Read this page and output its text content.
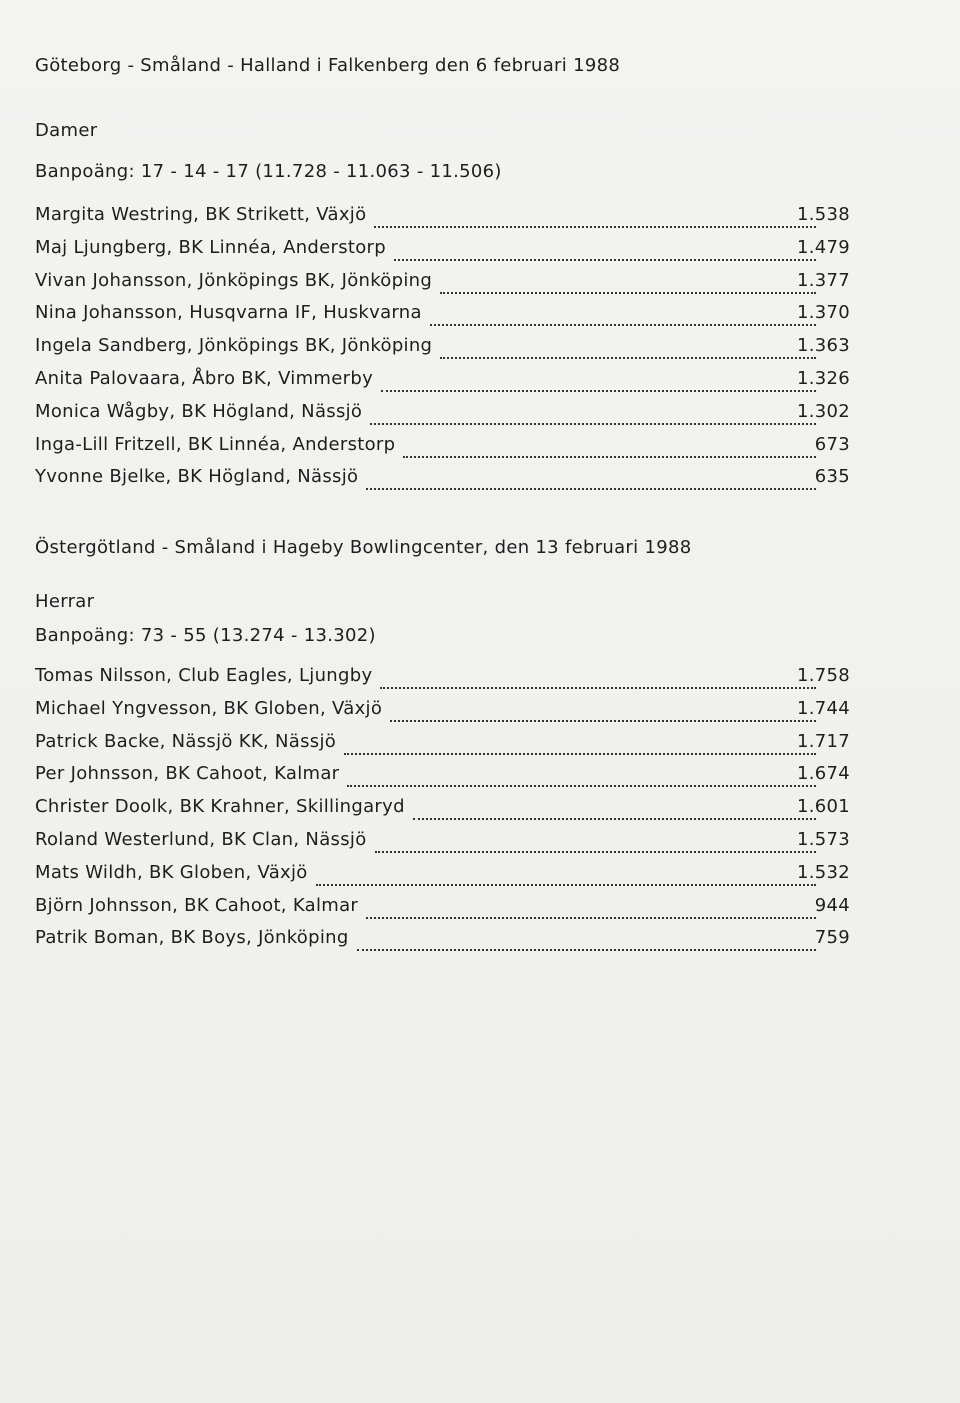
Göteborg - Småland - Halland i Falkenberg den 6 februari 1988
Damer
Banpoäng: 17 - 14 - 17 (11.728 - 11.063 - 11.506)
Margita Westring, BK Strikett, Växjö	1.538
Maj Ljungberg, BK Linnéa, Anderstorp	1.479
Vivan Johansson, Jönköpings BK, Jönköping	1.377
Nina Johansson, Husqvarna IF, Huskvarna	1.370
Ingela Sandberg, Jönköpings BK, Jönköping	1.363
Anita Palovaara, Åbro BK, Vimmerby	1.326
Monica Wågby, BK Högland, Nässjö	1.302
Inga-Lill Fritzell, BK Linnéa, Anderstorp	673
Yvonne Bjelke, BK Högland, Nässjö	635
Östergötland - Småland i Hageby Bowlingcenter, den 13 februari 1988
Herrar
Banpoäng: 73 - 55 (13.274 - 13.302)
Tomas Nilsson, Club Eagles, Ljungby	1.758
Michael Yngvesson, BK Globen, Växjö	1.744
Patrick Backe, Nässjö KK, Nässjö	1.717
Per Johnsson, BK Cahoot, Kalmar	1.674
Christer Doolk, BK Krahner, Skillingaryd	1.601
Roland Westerlund, BK Clan, Nässjö	1.573
Mats Wildh, BK Globen, Växjö	1.532
Björn Johnsson, BK Cahoot, Kalmar	944
Patrik Boman, BK Boys, Jönköping	759
